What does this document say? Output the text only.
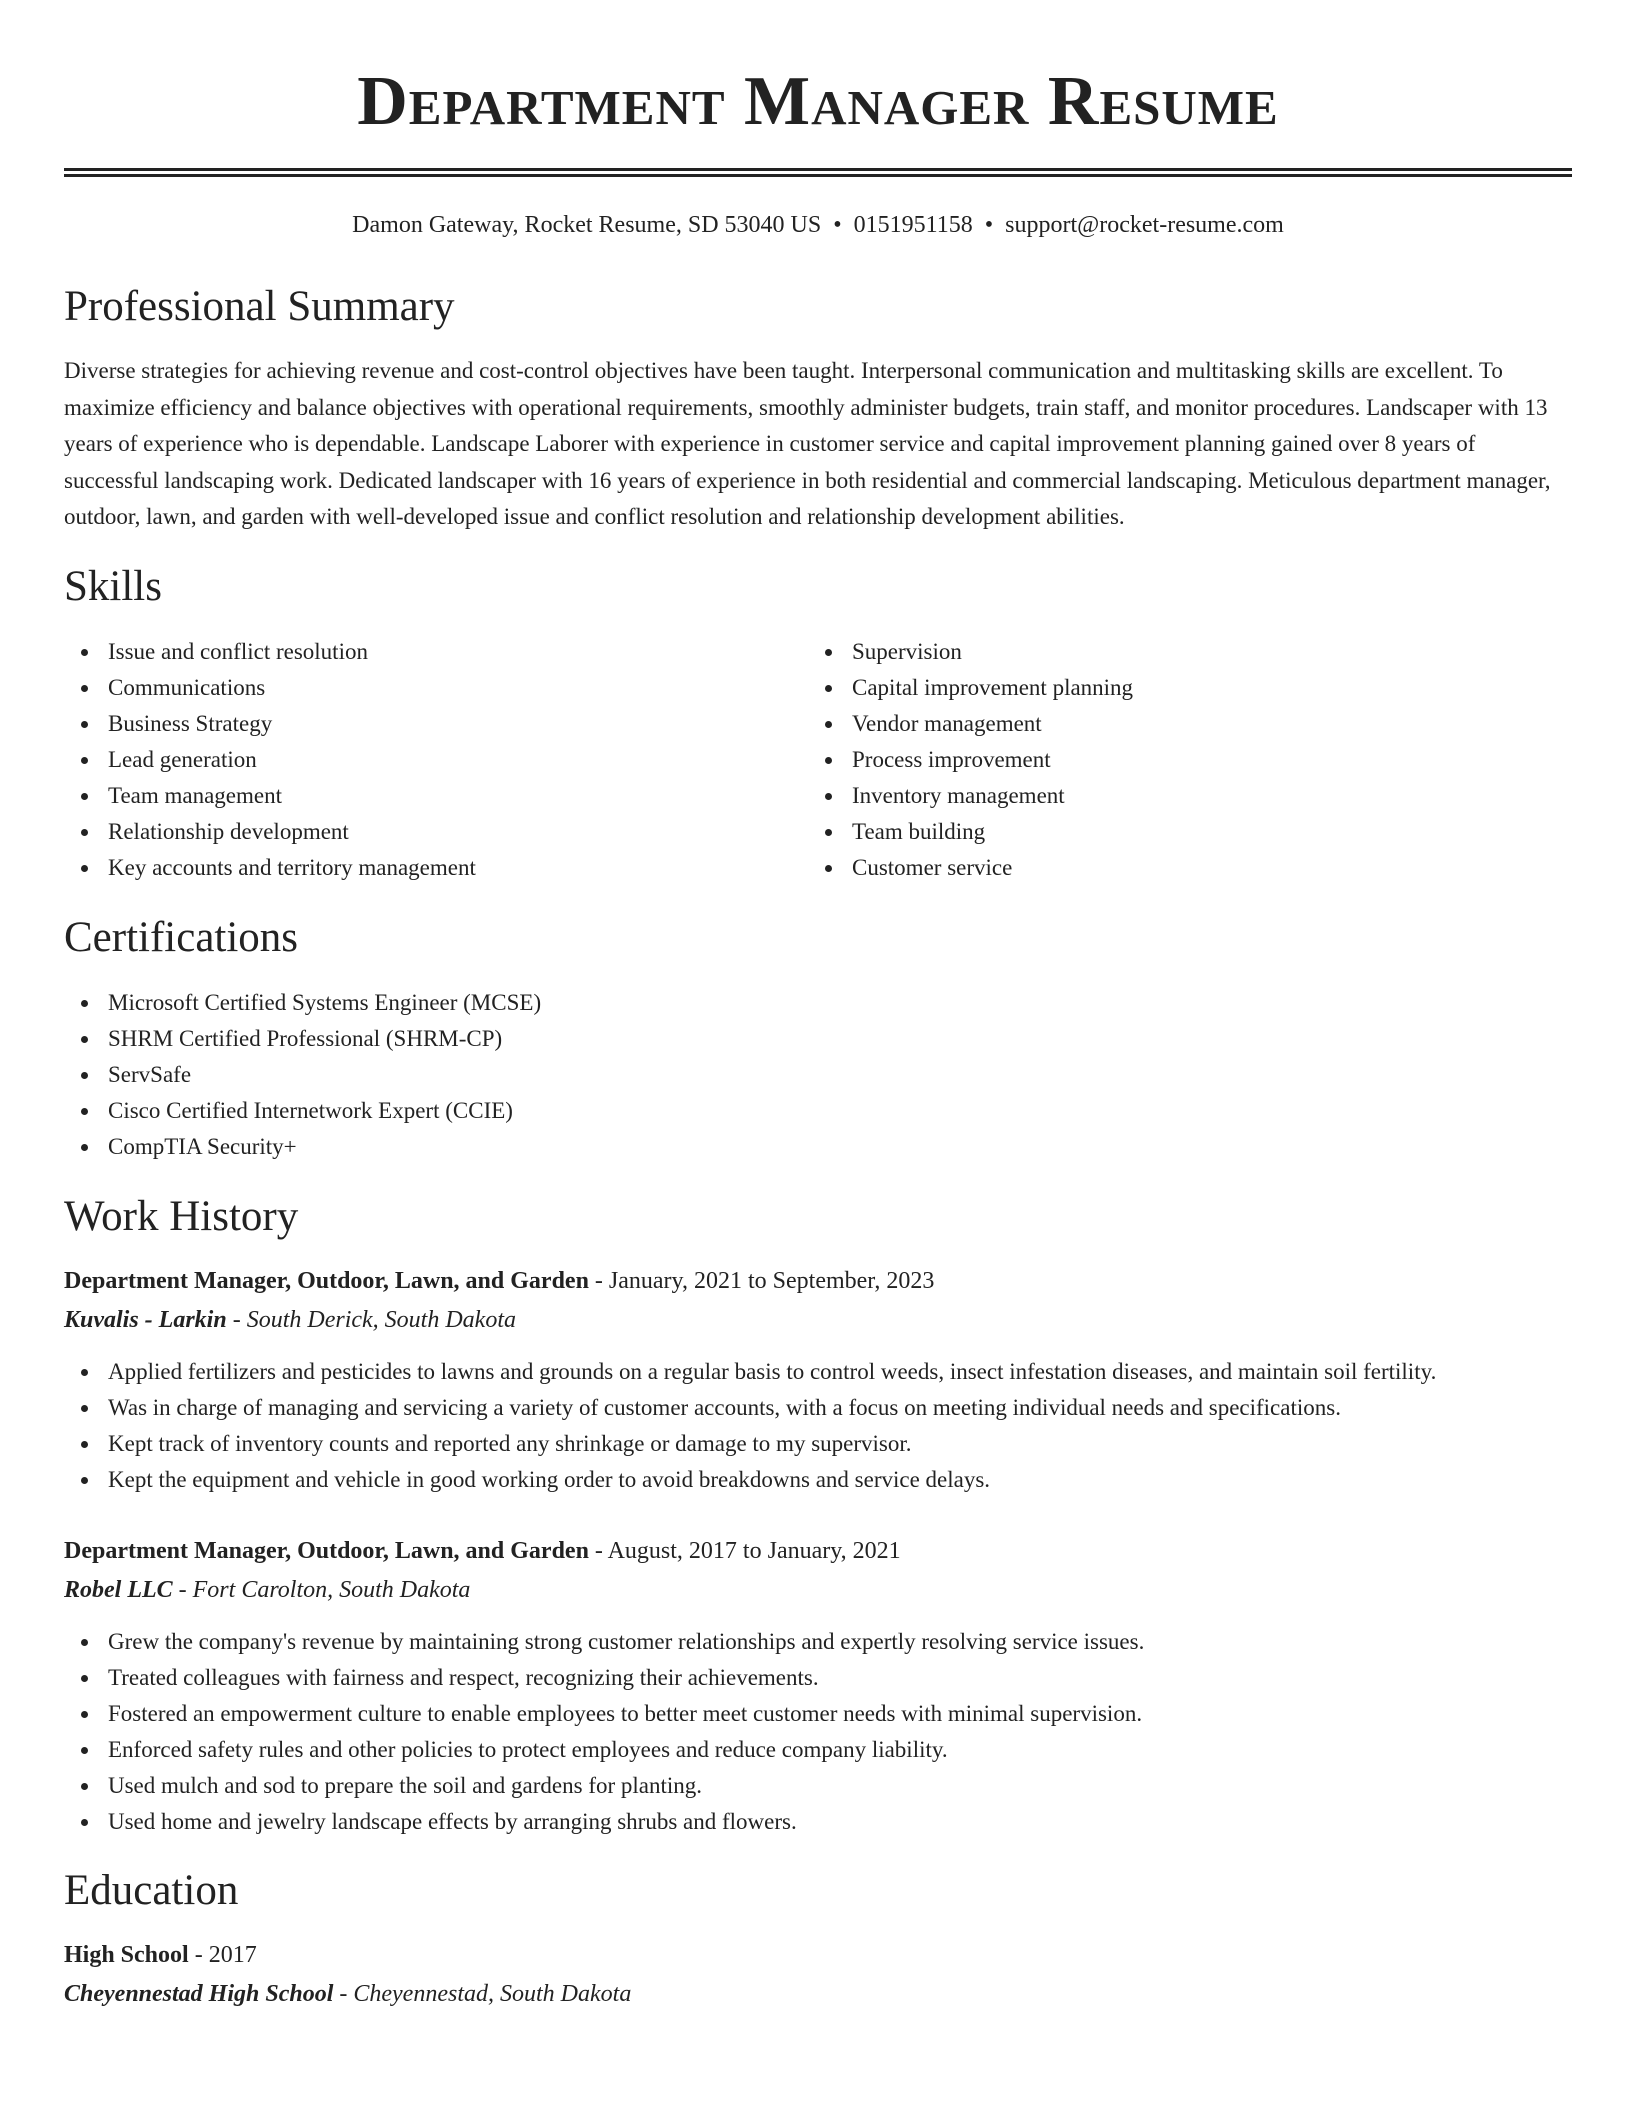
Department Manager Resume
Damon Gateway, Rocket Resume, SD 53040 US • 0151951158 • support@rocket-resume.com
Professional Summary

Diverse strategies for achieving revenue and cost-control objectives have been taught. Interpersonal communication and multitasking skills are excellent. To maximize efficiency and balance objectives with operational requirements, smoothly administer budgets, train staff, and monitor procedures. Landscaper with 13 years of experience who is dependable. Landscape Laborer with experience in customer service and capital improvement planning gained over 8 years of successful landscaping work. Dedicated landscaper with 16 years of experience in both residential and commercial landscaping. Meticulous department manager, outdoor, lawn, and garden with well-developed issue and conflict resolution and relationship development abilities.

Skills
Issue and conflict resolution
Communications
Business Strategy
Lead generation
Team management
Relationship development
Key accounts and territory management
Supervision
Capital improvement planning
Vendor management
Process improvement
Inventory management
Team building
Customer service
Certifications
Microsoft Certified Systems Engineer (MCSE)
SHRM Certified Professional (SHRM-CP)
ServSafe
Cisco Certified Internetwork Expert (CCIE)
CompTIA Security+
Work History
Department Manager, Outdoor, Lawn, and Garden - January, 2021 to September, 2023
Kuvalis - Larkin - South Derick, South Dakota
Applied fertilizers and pesticides to lawns and grounds on a regular basis to control weeds, insect infestation diseases, and maintain soil fertility.
Was in charge of managing and servicing a variety of customer accounts, with a focus on meeting individual needs and specifications.
Kept track of inventory counts and reported any shrinkage or damage to my supervisor.
Kept the equipment and vehicle in good working order to avoid breakdowns and service delays.
Department Manager, Outdoor, Lawn, and Garden - August, 2017 to January, 2021
Robel LLC - Fort Carolton, South Dakota
Grew the company's revenue by maintaining strong customer relationships and expertly resolving service issues.
Treated colleagues with fairness and respect, recognizing their achievements.
Fostered an empowerment culture to enable employees to better meet customer needs with minimal supervision.
Enforced safety rules and other policies to protect employees and reduce company liability.
Used mulch and sod to prepare the soil and gardens for planting.
Used home and jewelry landscape effects by arranging shrubs and flowers.
Education
High School - 2017
Cheyennestad High School - Cheyennestad, South Dakota
